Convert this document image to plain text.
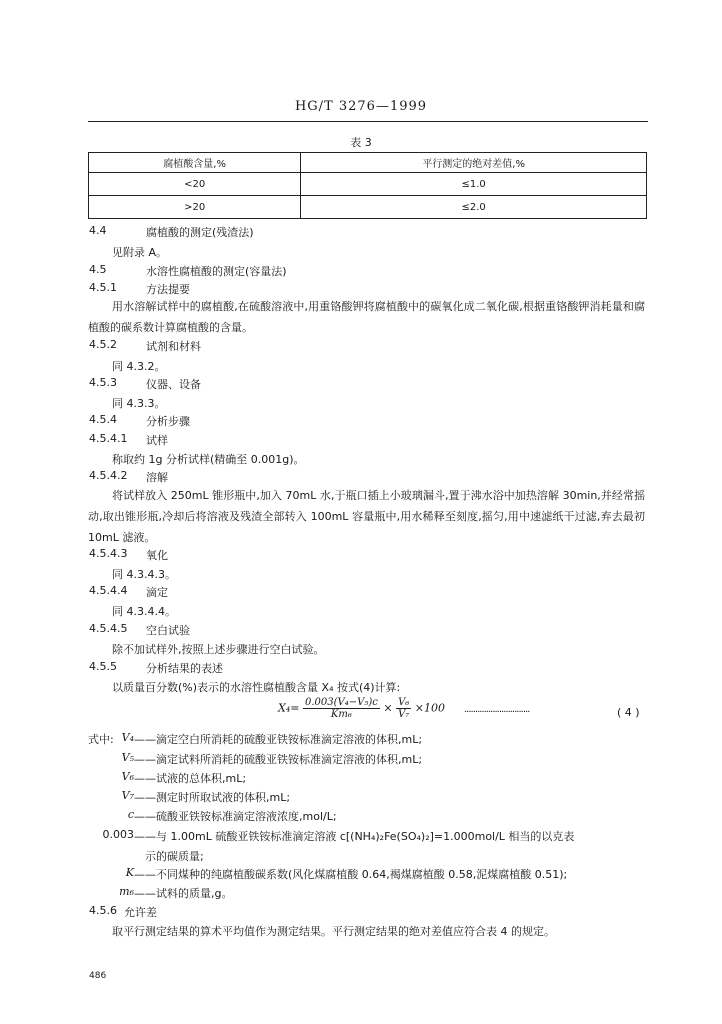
HG/T 3276—1999
表 3
腐植酸含量,%	平行测定的绝对差值,%
<20	≤1.0
>20	≤2.0
4.4	腐植酸的测定(残渣法)
见附录 A。
4.5	水溶性腐植酸的测定(容量法)
4.5.1	方法提要
用水溶解试样中的腐植酸,在硫酸溶液中,用重铬酸钾将腐植酸中的碳氧化成二氧化碳,根据重铬酸钾消耗量和腐植酸的碳系数计算腐植酸的含量。
4.5.2	试剂和材料
同 4.3.2。
4.5.3	仪器、设备
同 4.3.3。
4.5.4	分析步骤
4.5.4.1 试样
称取约 1g 分析试样(精确至 0.001g)。
4.5.4.2 溶解
将试样放入 250mL 锥形瓶中,加入 70mL 水,于瓶口插上小玻璃漏斗,置于沸水浴中加热溶解 30min,并经常摇动,取出锥形瓶,冷却后将溶液及残渣全部转入 100mL 容量瓶中,用水稀释至刻度,摇匀,用中速滤纸干过滤,弃去最初 10mL 滤液。
4.5.4.3 氧化
同 4.3.4.3。
4.5.4.4 滴定
同 4.3.4.4。
4.5.4.5 空白试验
除不加试样外,按照上述步骤进行空白试验。
4.5.5	分析结果的表述
以质量百分数(%)表示的水溶性腐植酸含量 X₄ 按式(4)计算:
$X_4= \frac{\text{0.003(V₄−V₅)c}}{\text{Km₆}} \times \frac{\text{V₆}}{\text{V₇}} \times 100$ ······························	( 4 )
式中: V₄ ——滴定空白所消耗的硫酸亚铁铵标准滴定溶液的体积,mL;
V₅ ——滴定试料所消耗的硫酸亚铁铵标准滴定溶液的体积,mL;
V₆ ——试液的总体积,mL;
V₇ ——测定时所取试液的体积,mL;
c ——硫酸亚铁铵标准滴定溶液浓度,mol/L;
0.003 ——与 1.00mL 硫酸亚铁铵标准滴定溶液 c[(NH₄)₂Fe(SO₄)₂]=1.000mol/L 相当的以克表
示的碳质量;
K ——不同煤种的纯腐植酸碳系数(风化煤腐植酸 0.64,褐煤腐植酸 0.58,泥煤腐植酸 0.51);
m₆ ——试料的质量,g。
4.5.6 允许差
取平行测定结果的算术平均值作为测定结果。平行测定结果的绝对差值应符合表 4 的规定。
486
